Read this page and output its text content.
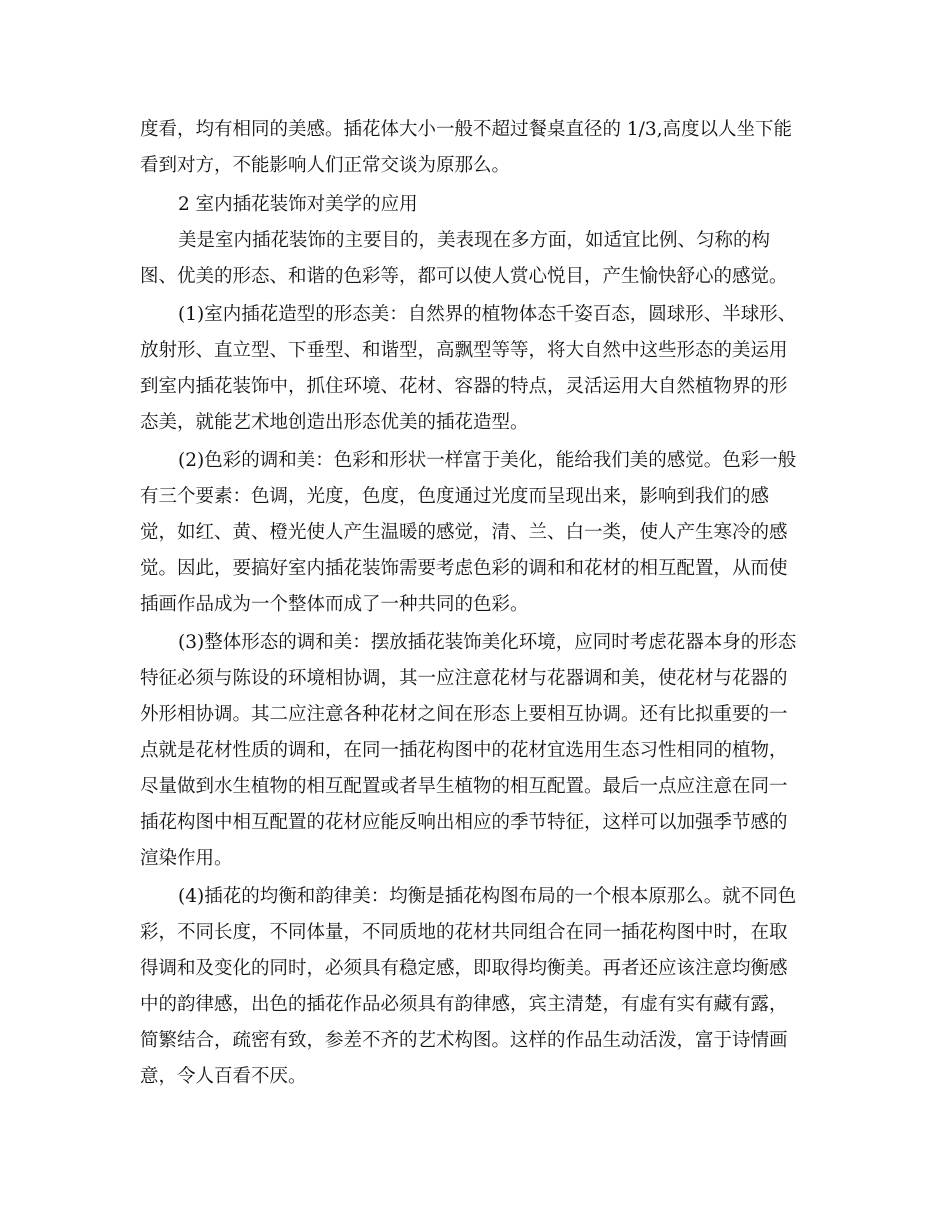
度看，均有相同的美感。插花体大小一般不超过餐桌直径的 1/3,高度以人坐下能
看到对方，不能影响人们正常交谈为原那么。
2 室内插花装饰对美学的应用
美是室内插花装饰的主要目的，美表现在多方面，如适宜比例、匀称的构
图、优美的形态、和谐的色彩等，都可以使人赏心悦目，产生愉快舒心的感觉。
(1)室内插花造型的形态美：自然界的植物体态千姿百态，圆球形、半球形、
放射形、直立型、下垂型、和谐型，高飘型等等，将大自然中这些形态的美运用
到室内插花装饰中，抓住环境、花材、容器的特点，灵活运用大自然植物界的形
态美，就能艺术地创造出形态优美的插花造型。
(2)色彩的调和美：色彩和形状一样富于美化，能给我们美的感觉。色彩一般
有三个要素：色调，光度，色度，色度通过光度而呈现出来，影响到我们的感
觉，如红、黄、橙光使人产生温暖的感觉，清、兰、白一类，使人产生寒冷的感
觉。因此，要搞好室内插花装饰需要考虑色彩的调和和花材的相互配置，从而使
插画作品成为一个整体而成了一种共同的色彩。
(3)整体形态的调和美：摆放插花装饰美化环境，应同时考虑花器本身的形态
特征必须与陈设的环境相协调，其一应注意花材与花器调和美，使花材与花器的
外形相协调。其二应注意各种花材之间在形态上要相互协调。还有比拟重要的一
点就是花材性质的调和，在同一插花构图中的花材宜选用生态习性相同的植物，
尽量做到水生植物的相互配置或者旱生植物的相互配置。最后一点应注意在同一
插花构图中相互配置的花材应能反响出相应的季节特征，这样可以加强季节感的
渲染作用。
(4)插花的均衡和韵律美：均衡是插花构图布局的一个根本原那么。就不同色
彩，不同长度，不同体量，不同质地的花材共同组合在同一插花构图中时，在取
得调和及变化的同时，必须具有稳定感，即取得均衡美。再者还应该注意均衡感
中的韵律感，出色的插花作品必须具有韵律感，宾主清楚，有虚有实有藏有露，
简繁结合，疏密有致，参差不齐的艺术构图。这样的作品生动活泼，富于诗情画
意，令人百看不厌。
